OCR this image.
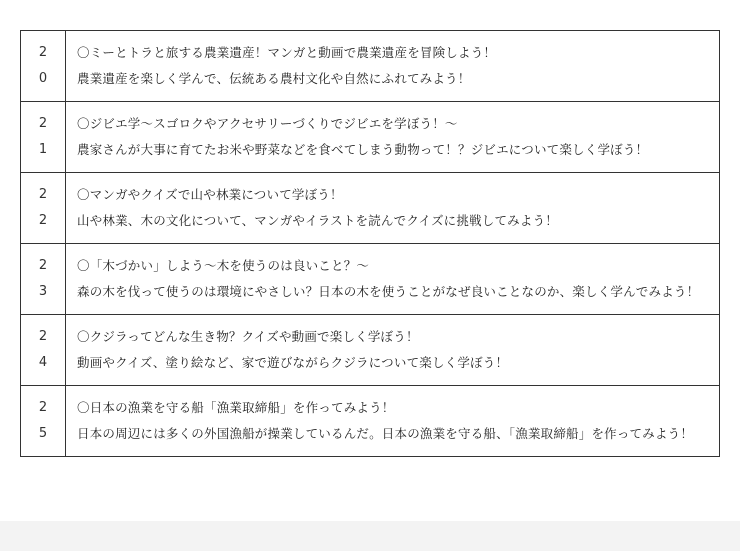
2
0	〇ミーとトラと旅する農業遺産！マンガと動画で農業遺産を冒険しよう！
農業遺産を楽しく学んで、伝統ある農村文化や自然にふれてみよう！

2
1	〇ジビエ学〜スゴロクやアクセサリーづくりでジビエを学ぼう！〜
農家さんが大事に育てたお米や野菜などを食べてしまう動物って！？ジビエについて楽しく学ぼう！

2
2	〇マンガやクイズで山や林業について学ぼう！
山や林業、木の文化について、マンガやイラストを読んでクイズに挑戦してみよう！

2
3	〇「木づかい」しよう〜木を使うのは良いこと？〜
森の木を伐って使うのは環境にやさしい？日本の木を使うことがなぜ良いことなのか、楽しく学んでみよう！

2
4	〇クジラってどんな生き物？クイズや動画で楽しく学ぼう！
動画やクイズ、塗り絵など、家で遊びながらクジラについて楽しく学ぼう！

2
5	〇日本の漁業を守る船「漁業取締船」を作ってみよう！
日本の周辺には多くの外国漁船が操業しているんだ。日本の漁業を守る船、「漁業取締船」を作ってみよう！
